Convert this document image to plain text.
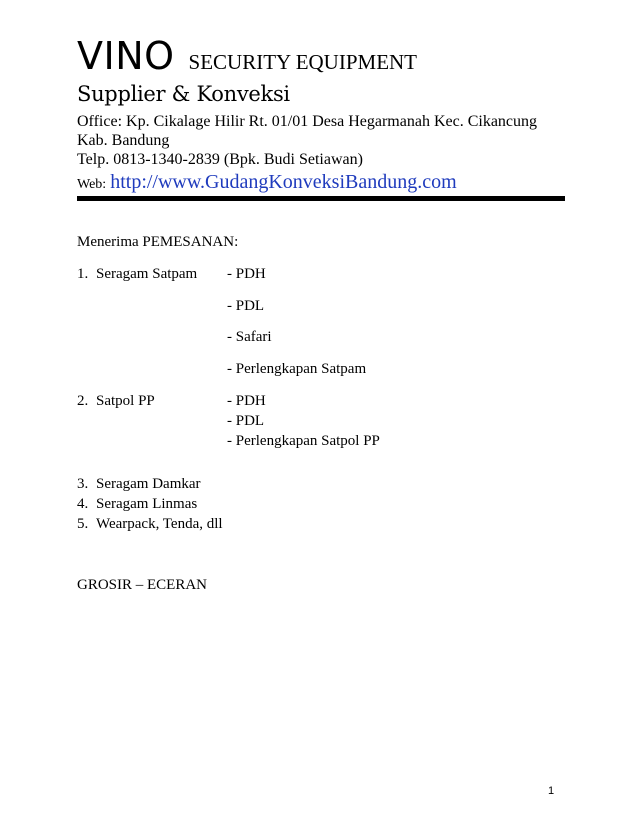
VINO SECURITY EQUIPMENT
Supplier & Konveksi
Office: Kp. Cikalage Hilir Rt. 01/01 Desa Hegarmanah Kec. Cikancung
Kab. Bandung
Telp. 0813-1340-2839 (Bpk. Budi Setiawan)
Web: http://www.GudangKonveksiBandung.com
Menerima PEMESANAN:
1. Seragam Satpam - PDH
- PDL
- Safari
- Perlengkapan Satpam
2. Satpol PP	- PDH
- PDL
- Perlengkapan Satpol PP
3. Seragam Damkar
4. Seragam Linmas
5. Wearpack, Tenda, dll
GROSIR – ECERAN
1
